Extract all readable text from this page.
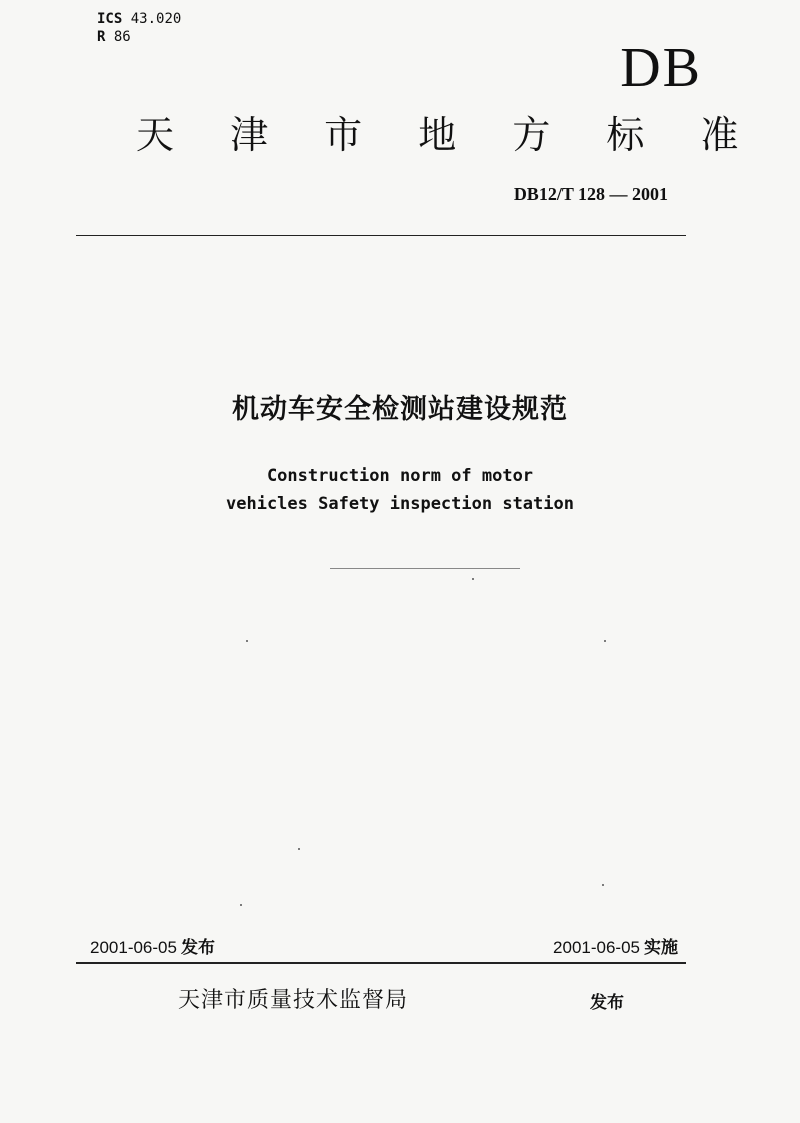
ICS 43.020
R 86	DB
天 津 市 地 方 标 准
DB12/T 128 — 2001
机动车安全检测站建设规范
Construction norm of motor
vehicles Safety inspection station
2001-06-05 发布	2001-06-05 实施
天津市质量技术监督局	发布
